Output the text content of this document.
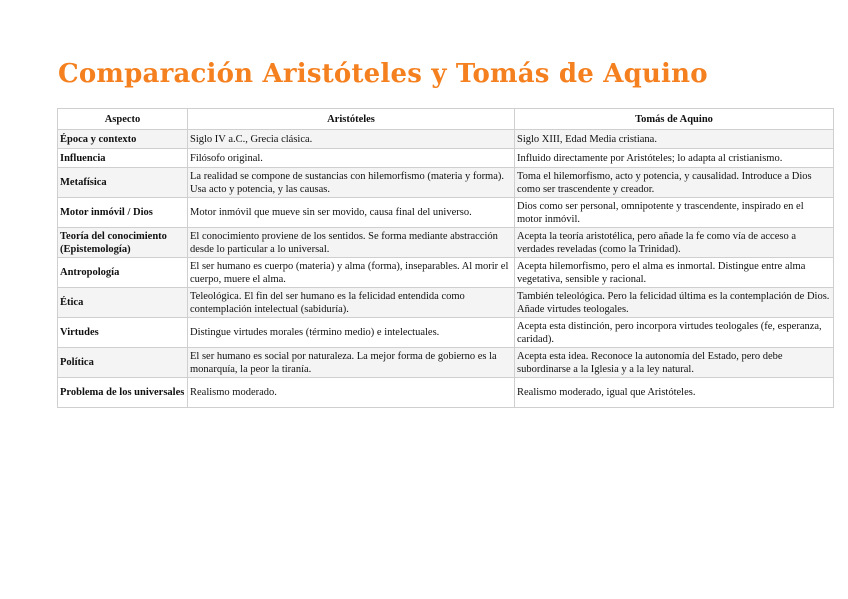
Comparación Aristóteles y Tomás de Aquino
Aspecto	Aristóteles	Tomás de Aquino
Época y contexto	Siglo IV a.C., Grecia clásica.	Siglo XIII, Edad Media cristiana.
Influencia	Filósofo original.	Influido directamente por Aristóteles; lo adapta al cristianismo.
Metafísica	La realidad se compone de sustancias con hilemorfismo (materia y forma). Usa acto y potencia, y las causas.	Toma el hilemorfismo, acto y potencia, y causalidad. Introduce a Dios como ser trascendente y creador.
Motor inmóvil / Dios	Motor inmóvil que mueve sin ser movido, causa final del universo.	Dios como ser personal, omnipotente y trascendente, inspirado en el motor inmóvil.
Teoría del conocimiento (Epistemología)	El conocimiento proviene de los sentidos. Se forma mediante abstracción desde lo particular a lo universal.	Acepta la teoría aristotélica, pero añade la fe como vía de acceso a verdades reveladas (como la Trinidad).
Antropología	El ser humano es cuerpo (materia) y alma (forma), inseparables. Al morir el cuerpo, muere el alma.	Acepta hilemorfismo, pero el alma es inmortal. Distingue entre alma vegetativa, sensible y racional.
Ética	Teleológica. El fin del ser humano es la felicidad entendida como contemplación intelectual (sabiduría).	También teleológica. Pero la felicidad última es la contemplación de Dios. Añade virtudes teologales.
Virtudes	Distingue virtudes morales (término medio) e intelectuales.	Acepta esta distinción, pero incorpora virtudes teologales (fe, esperanza, caridad).
Política	El ser humano es social por naturaleza. La mejor forma de gobierno es la monarquía, la peor la tiranía.	Acepta esta idea. Reconoce la autonomía del Estado, pero debe subordinarse a la Iglesia y a la ley natural.
Problema de los universales	Realismo moderado.	Realismo moderado, igual que Aristóteles.
